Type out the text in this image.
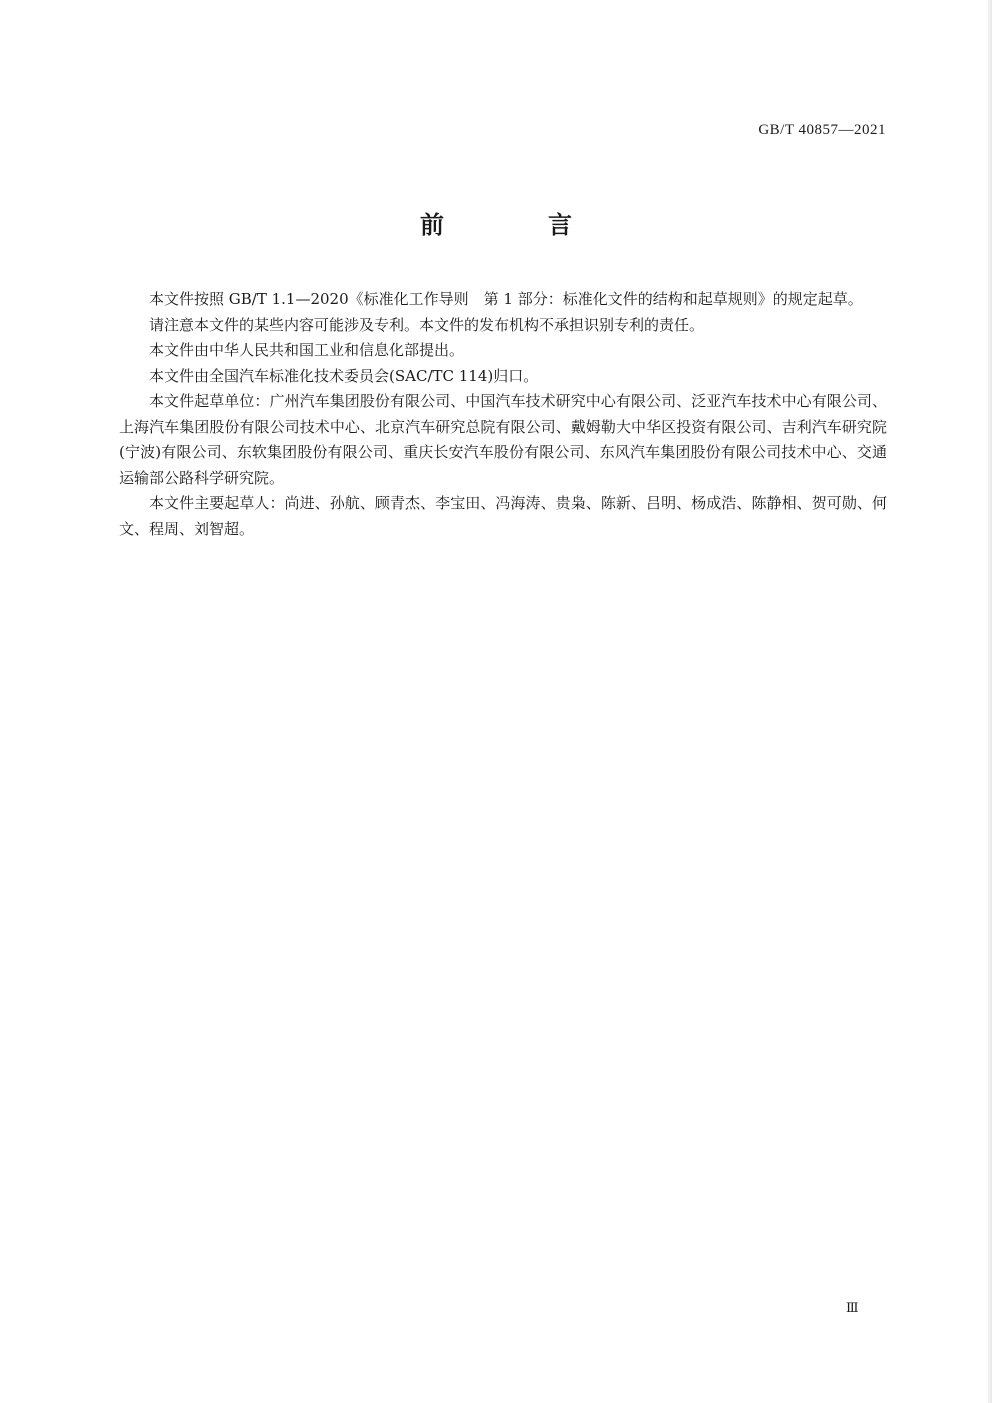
GB/T 40857—2021
前　言

本文件按照 GB/T 1.1—2020《标准化工作导则　第 1 部分：标准化文件的结构和起草规则》的规定起草。

请注意本文件的某些内容可能涉及专利。本文件的发布机构不承担识别专利的责任。

本文件由中华人民共和国工业和信息化部提出。

本文件由全国汽车标准化技术委员会(SAC/TC 114)归口。

本文件起草单位：广州汽车集团股份有限公司、中国汽车技术研究中心有限公司、泛亚汽车技术中心有限公司、上海汽车集团股份有限公司技术中心、北京汽车研究总院有限公司、戴姆勒大中华区投资有限公司、吉利汽车研究院(宁波)有限公司、东软集团股份有限公司、重庆长安汽车股份有限公司、东风汽车集团股份有限公司技术中心、交通运输部公路科学研究院。

本文件主要起草人：尚进、孙航、顾青杰、李宝田、冯海涛、贵枭、陈新、吕明、杨成浩、陈静相、贺可勋、何文、程周、刘智超。

Ⅲ
